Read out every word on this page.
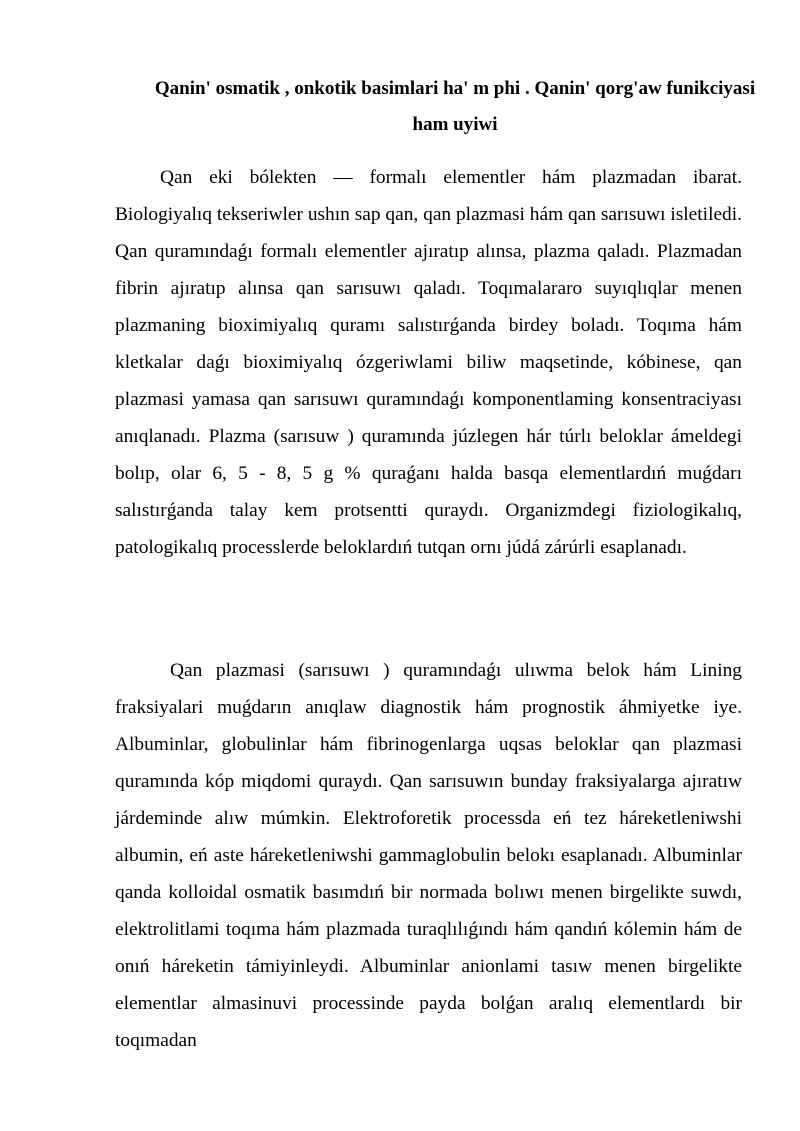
Qanin' osmatik , onkotik basimlari ha' m phi . Qanin' qorg'aw funikciyasi ham uyiwi

Qan eki bólekten — formalı elementler hám plazmadan ibarat. Biologiyalıq tekseriwler ushın sap qan, qan plazmasi hám qan sarısuwı isletiledi. Qan quramındaǵı formalı elementler ajıratıp alınsa, plazma qaladı. Plazmadan fibrin ajıratıp alınsa qan sarısuwı qaladı. Toqımalararo suyıqlıqlar menen plazmaning bioximiyalıq quramı salıstırǵanda birdey boladı. Toqıma hám kletkalar daǵı bioximiyalıq ózgeriwlami biliw maqsetinde, kóbinese, qan plazmasi yamasa qan sarısuwı quramındaǵı komponentlaming konsentraciyası anıqlanadı. Plazma (sarısuw ) quramında júzlegen hár túrlı beloklar ámeldegi bolıp, olar 6, 5 - 8, 5 g % quraǵanı halda basqa elementlardıń muǵdarı salıstırǵanda talay kem protsentti quraydı. Organizmdegi fiziologikalıq, patologikalıq processlerde beloklardıń tutqan ornı júdá zárúrli esaplanadı.

Qan plazmasi (sarısuwı ) quramındaǵı ulıwma belok hám Lining fraksiyalari muǵdarın anıqlaw diagnostik hám prognostik áhmiyetke iye. Albuminlar, globulinlar hám fibrinogenlarga uqsas beloklar qan plazmasi quramında kóp miqdomi quraydı. Qan sarısuwın bunday fraksiyalarga ajıratıw járdeminde alıw múmkin. Elektroforetik processda eń tez háreketleniwshi albumin, eń aste háreketleniwshi gammaglobulin belokı esaplanadı. Albuminlar qanda kolloidal osmatik basımdıń bir normada bolıwı menen birgelikte suwdı, elektrolitlami toqıma hám plazmada turaqlılıǵındı hám qandıń kólemin hám de onıń háreketin támiyinleydi. Albuminlar anionlami tasıw menen birgelikte elementlar almasinuvi processinde payda bolǵan aralıq elementlardı bir toqımadan
